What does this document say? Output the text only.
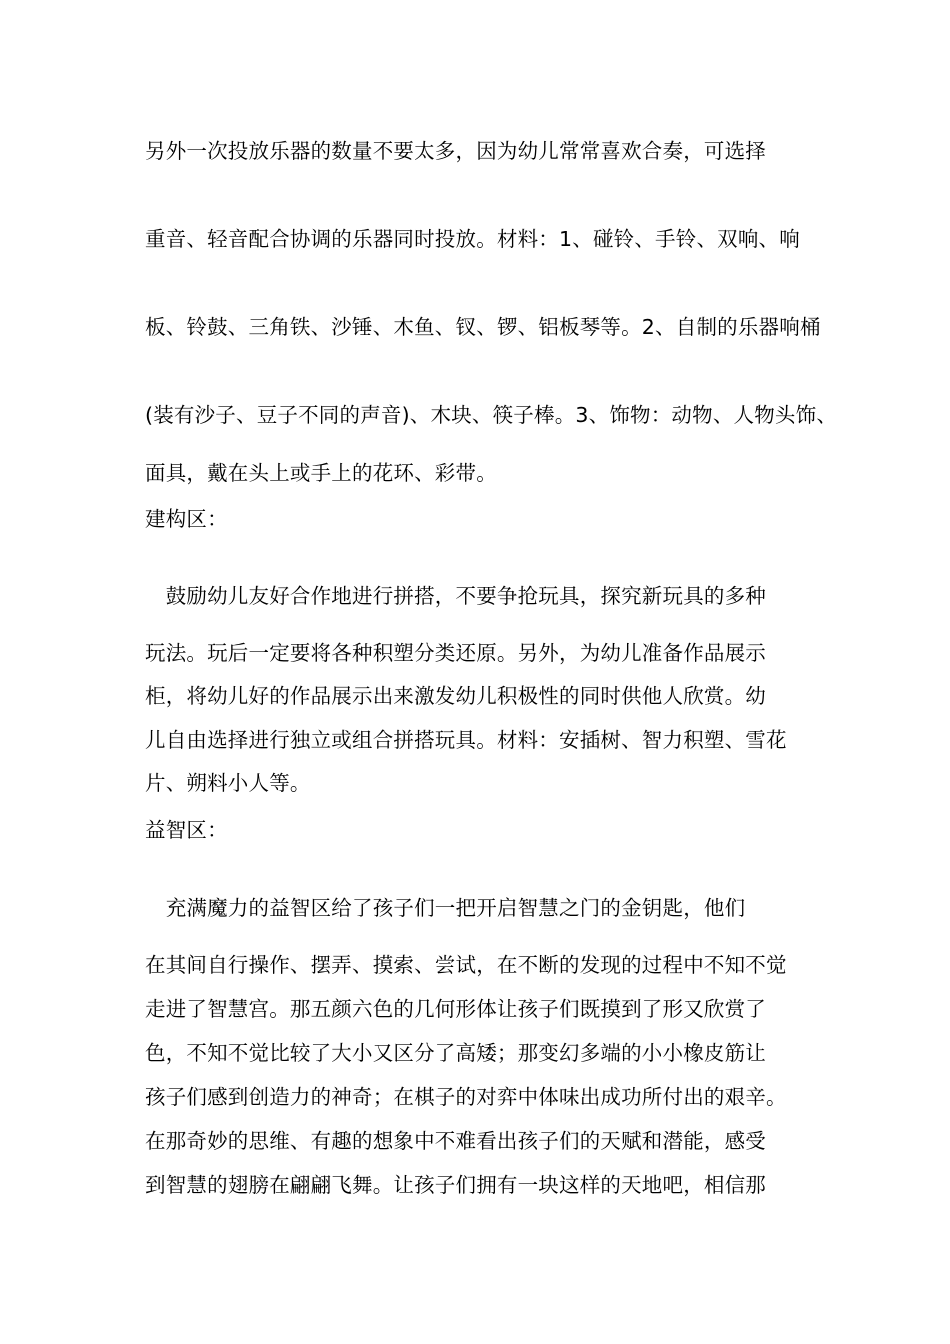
另外一次投放乐器的数量不要太多，因为幼儿常常喜欢合奏，可选择
重音、轻音配合协调的乐器同时投放。材料：1、碰铃、手铃、双响、响
板、铃鼓、三角铁、沙锤、木鱼、钗、锣、铝板琴等。2、自制的乐器响桶
(装有沙子、豆子不同的声音)、木块、筷子棒。3、饰物：动物、人物头饰、
面具，戴在头上或手上的花环、彩带。
建构区：
　鼓励幼儿友好合作地进行拼搭，不要争抢玩具，探究新玩具的多种
玩法。玩后一定要将各种积塑分类还原。另外，为幼儿准备作品展示
柜，将幼儿好的作品展示出来激发幼儿积极性的同时供他人欣赏。幼
儿自由选择进行独立或组合拼搭玩具。材料：安插树、智力积塑、雪花
片、朔料小人等。
益智区：
　充满魔力的益智区给了孩子们一把开启智慧之门的金钥匙，他们
在其间自行操作、摆弄、摸索、尝试，在不断的发现的过程中不知不觉
走进了智慧宫。那五颜六色的几何形体让孩子们既摸到了形又欣赏了
色，不知不觉比较了大小又区分了高矮；那变幻多端的小小橡皮筋让
孩子们感到创造力的神奇；在棋子的对弈中体味出成功所付出的艰辛。
在那奇妙的思维、有趣的想象中不难看出孩子们的天赋和潜能，感受
到智慧的翅膀在翩翩飞舞。让孩子们拥有一块这样的天地吧，相信那
